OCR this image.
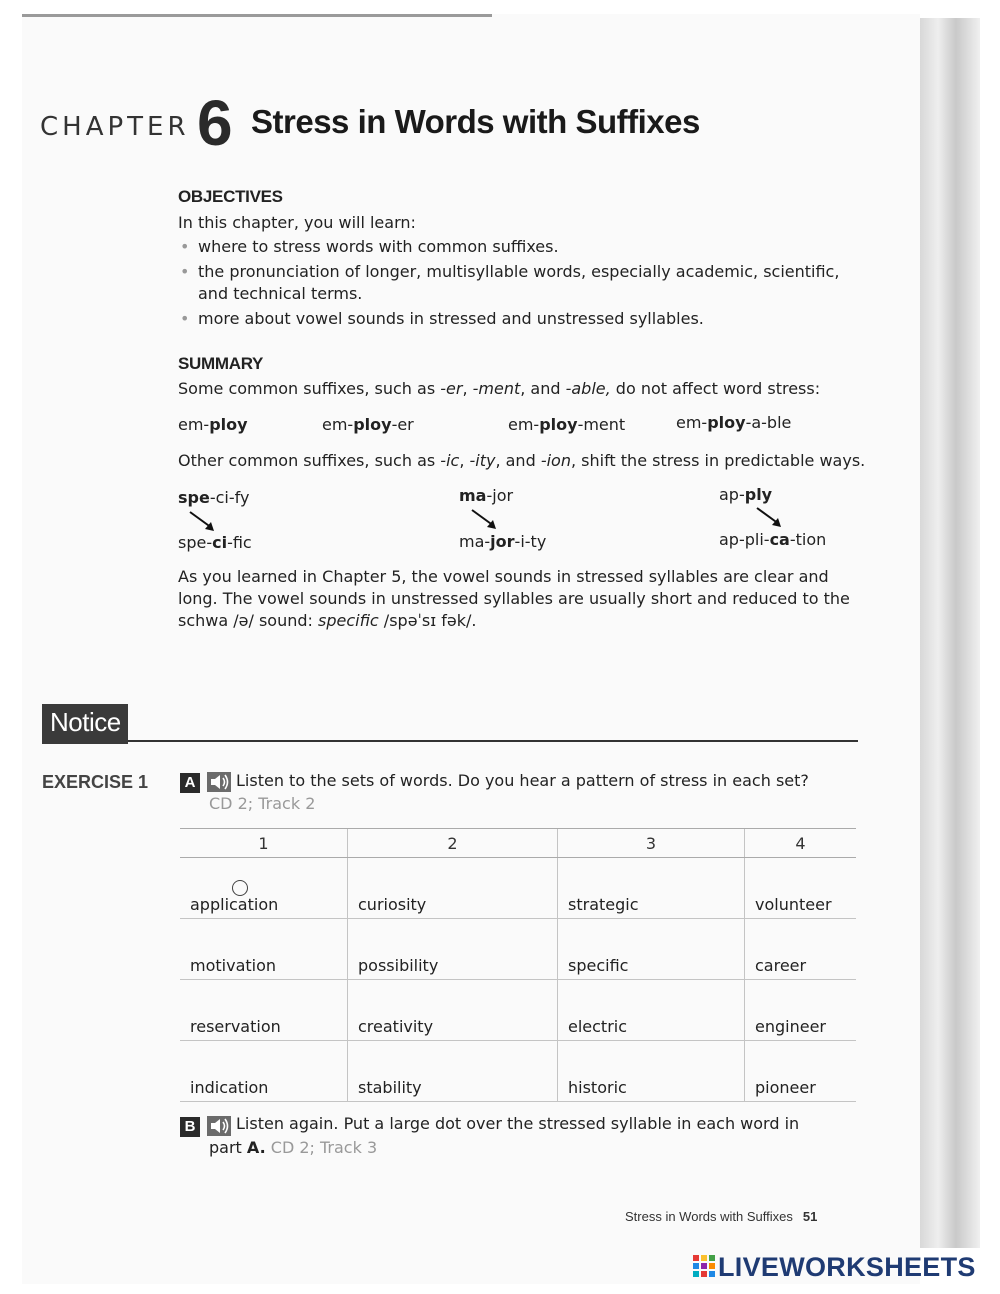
CHAPTER 6 Stress in Words with Suffixes
OBJECTIVES
In this chapter, you will learn:
• where to stress words with common suffixes.
• the pronunciation of longer, multisyllable words, especially academic, scientific, and technical terms.
• more about vowel sounds in stressed and unstressed syllables.
SUMMARY
Some common suffixes, such as -er, -ment, and -able, do not affect word stress:
em-ploy	em-ploy-er	em-ploy-ment	em-ploy-a-ble
Other common suffixes, such as -ic, -ity, and -ion, shift the stress in predictable ways.
spe-ci-fy
spe-ci-fic
ma-jor
ma-jor-i-ty
ap-ply
ap-pli-ca-tion
As you learned in Chapter 5, the vowel sounds in stressed syllables are clear and
long. The vowel sounds in unstressed syllables are usually short and reduced to the
schwa /ə/ sound: specific /spəˈsɪ fək/.
Notice
EXERCISE 1	A	Listen to the sets of words. Do you hear a pattern of stress in each set?
CD 2; Track 2
1	2	3	4
application	curiosity	strategic	volunteer
motivation	possibility	specific	career
reservation	creativity	electric	engineer
indication	stability	historic	pioneer
B	Listen again. Put a large dot over the stressed syllable in each word in
part A. CD 2; Track 3
Stress in Words with Suffixes 51
LIVEWORKSHEETS
